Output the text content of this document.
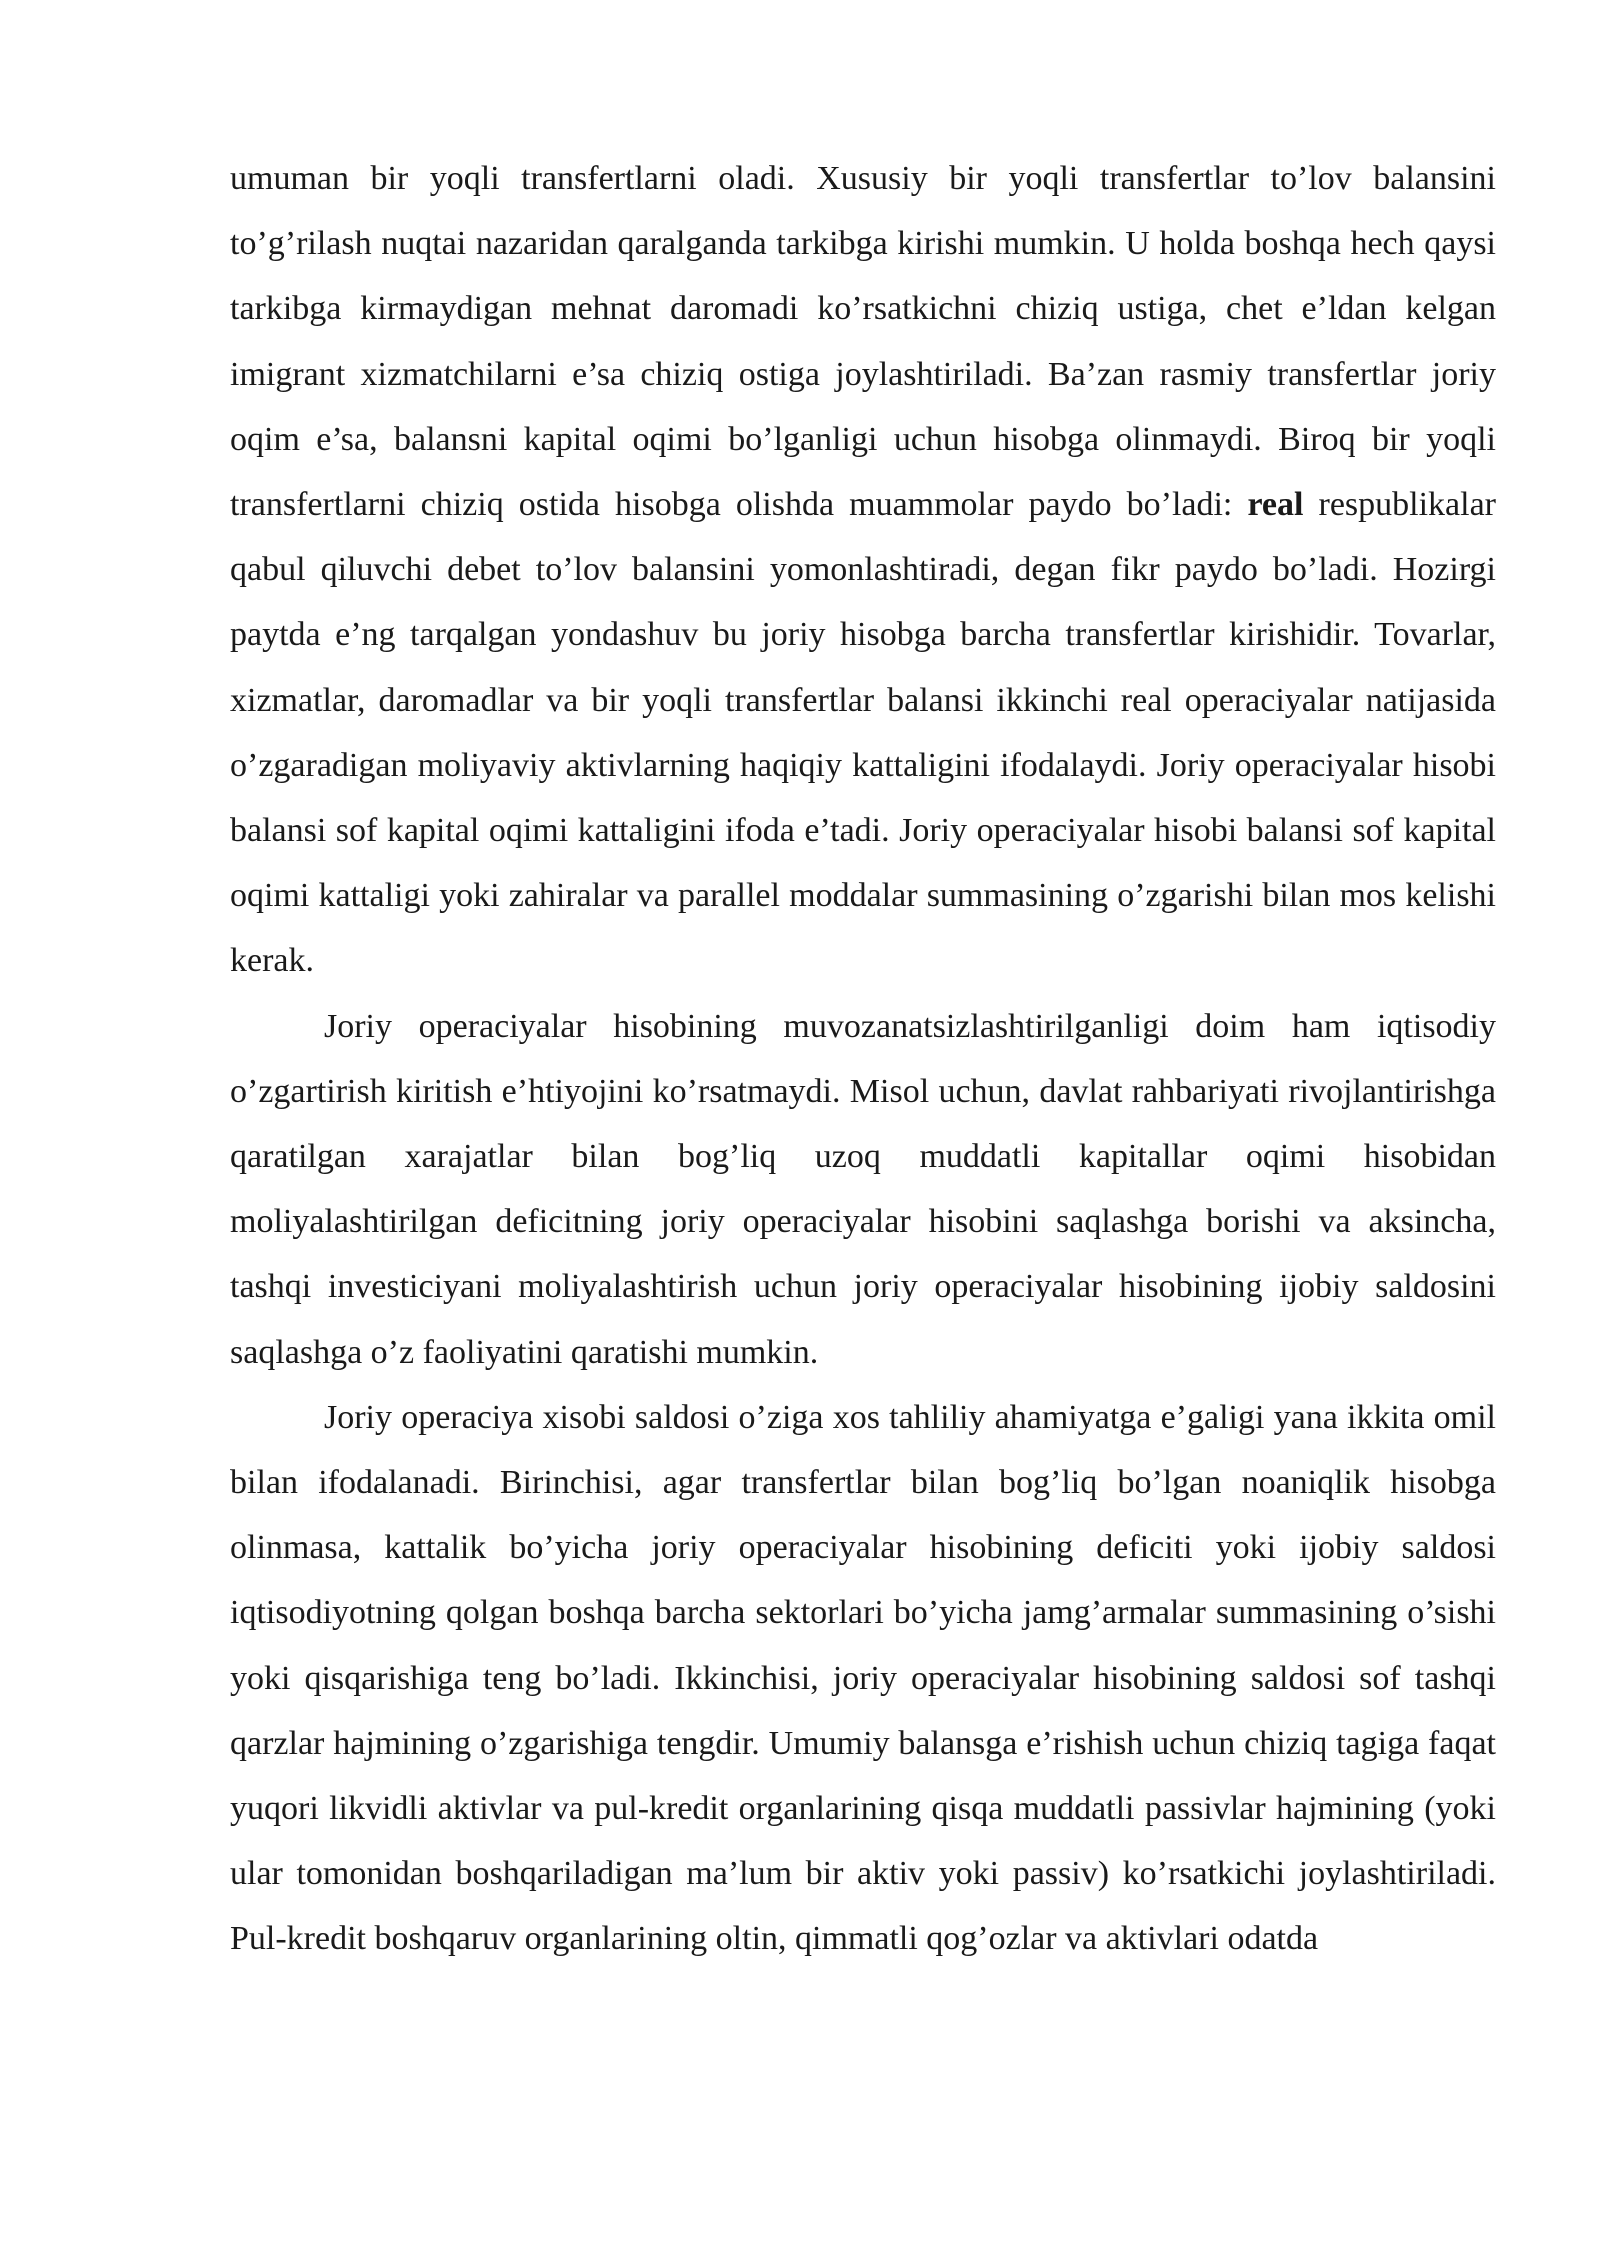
umuman bir yoqli transfertlarni oladi. Xususiy bir yoqli transfertlar to’lov balansini to’g’rilash nuqtai nazaridan qaralganda tarkibga kirishi mumkin. U holda boshqa hech qaysi tarkibga kirmaydigan mehnat daromadi ko’rsatkichni chiziq ustiga, chet e’ldan kelgan imigrant xizmatchilarni e’sa chiziq ostiga joylashtiriladi. Ba’zan rasmiy transfertlar joriy oqim e’sa, balansni kapital oqimi bo’lganligi uchun hisobga olinmaydi. Biroq bir yoqli transfertlarni chiziq ostida hisobga olishda muammolar paydo bo’ladi: real respublikalar qabul qiluvchi debet to’lov balansini yomonlashtiradi, degan fikr paydo bo’ladi. Hozirgi paytda e’ng tarqalgan yondashuv bu joriy hisobga barcha transfertlar kirishidir. Tovarlar, xizmatlar, daromadlar va bir yoqli transfertlar balansi ikkinchi real operaciyalar natijasida o’zgaradigan moliyaviy aktivlarning haqiqiy kattaligini ifodalaydi. Joriy operaciyalar hisobi balansi sof kapital oqimi kattaligini ifoda e’tadi. Joriy operaciyalar hisobi balansi sof kapital oqimi kattaligi yoki zahiralar va parallel moddalar summasining o’zgarishi bilan mos kelishi kerak.

Joriy operaciyalar hisobining muvozanatsizlashtirilganligi doim ham iqtisodiy o’zgartirish kiritish e’htiyojini ko’rsatmaydi. Misol uchun, davlat rahbariyati rivojlantirishga qaratilgan xarajatlar bilan bog’liq uzoq muddatli kapitallar oqimi hisobidan moliyalashtirilgan deficitning joriy operaciyalar hisobini saqlashga borishi va aksincha, tashqi investiciyani moliyalashtirish uchun joriy operaciyalar hisobining ijobiy saldosini saqlashga o’z faoliyatini qaratishi mumkin.

Joriy operaciya xisobi saldosi o’ziga xos tahliliy ahamiyatga e’galigi yana ikkita omil bilan ifodalanadi. Birinchisi, agar transfertlar bilan bog’liq bo’lgan noaniqlik hisobga olinmasa, kattalik bo’yicha joriy operaciyalar hisobining deficiti yoki ijobiy saldosi iqtisodiyotning qolgan boshqa barcha sektorlari bo’yicha jamg’armalar summasining o’sishi yoki qisqarishiga teng bo’ladi. Ikkinchisi, joriy operaciyalar hisobining saldosi sof tashqi qarzlar hajmining o’zgarishiga tengdir. Umumiy balansga e’rishish uchun chiziq tagiga faqat yuqori likvidli aktivlar va pul-kredit organlarining qisqa muddatli passivlar hajmining (yoki ular tomonidan boshqariladigan ma’lum bir aktiv yoki passiv) ko’rsatkichi joylashtiriladi. Pul-kredit boshqaruv organlarining oltin, qimmatli qog’ozlar va aktivlari odatda
